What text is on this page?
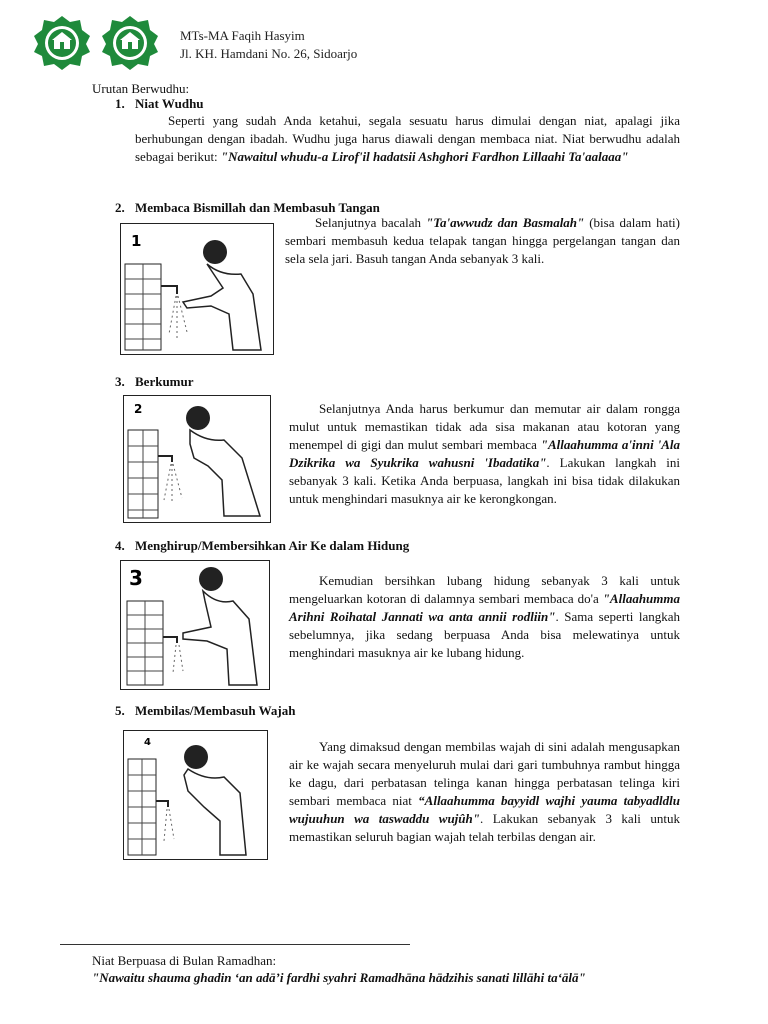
MTs-MA Faqih Hasyim
Jl. KH. Hamdani No. 26, Sidoarjo
Urutan Berwudhu:
1. Niat Wudhu
Seperti yang sudah Anda ketahui, segala sesuatu harus dimulai dengan niat, apalagi jika berhubungan dengan ibadah. Wudhu juga harus diawali dengan membaca niat. Niat berwudhu adalah sebagai berikut: "Nawaitul whudu-a Lirof'il hadatsii Ashghori Fardhon Lillaahi Ta'aalaaa"
2. Membaca Bismillah dan Membasuh Tangan
1
Selanjutnya bacalah "Ta'awwudz dan Basmalah" (bisa dalam hati) sembari membasuh kedua telapak tangan hingga pergelangan tangan dan sela sela jari. Basuh tangan Anda sebanyak 3 kali.
3. Berkumur
2	Selanjutnya Anda harus berkumur dan memutar air dalam rongga mulut untuk memastikan tidak ada sisa makanan atau kotoran yang menempel di gigi dan mulut sembari membaca "Allaahumma a'inni 'Ala Dzikrika wa Syukrika wahusni 'Ibadatika". Lakukan langkah ini sebanyak 3 kali. Ketika Anda berpuasa, langkah ini bisa tidak dilakukan untuk menghindari masuknya air ke kerongkongan.
4. Menghirup/Membersihkan Air Ke dalam Hidung
3	Kemudian bersihkan lubang hidung sebanyak 3 kali untuk mengeluarkan kotoran di dalamnya sembari membaca do'a "Allaahumma Arihni Roihatal Jannati wa anta annii rodliin". Sama seperti langkah sebelumnya, jika sedang berpuasa Anda bisa melewatinya untuk menghindari masuknya air ke lubang hidung.
5. Membilas/Membasuh Wajah
4	Yang dimaksud dengan membilas wajah di sini adalah mengusapkan air ke wajah secara menyeluruh mulai dari gari tumbuhnya rambut hingga ke dagu, dari perbatasan telinga kanan hingga perbatasan telinga kiri sembari membaca niat “Allaahumma bayyidl wajhi yauma tabyadldlu wujuuhun wa taswaddu wujûh". Lakukan sebanyak 3 kali untuk memastikan seluruh bagian wajah telah terbilas dengan air.
Niat Berpuasa di Bulan Ramadhan:
"Nawaitu shauma ghadin ‘an adā’i fardhi syahri Ramadhāna hādzihis sanati lillāhi ta‘ālā"
